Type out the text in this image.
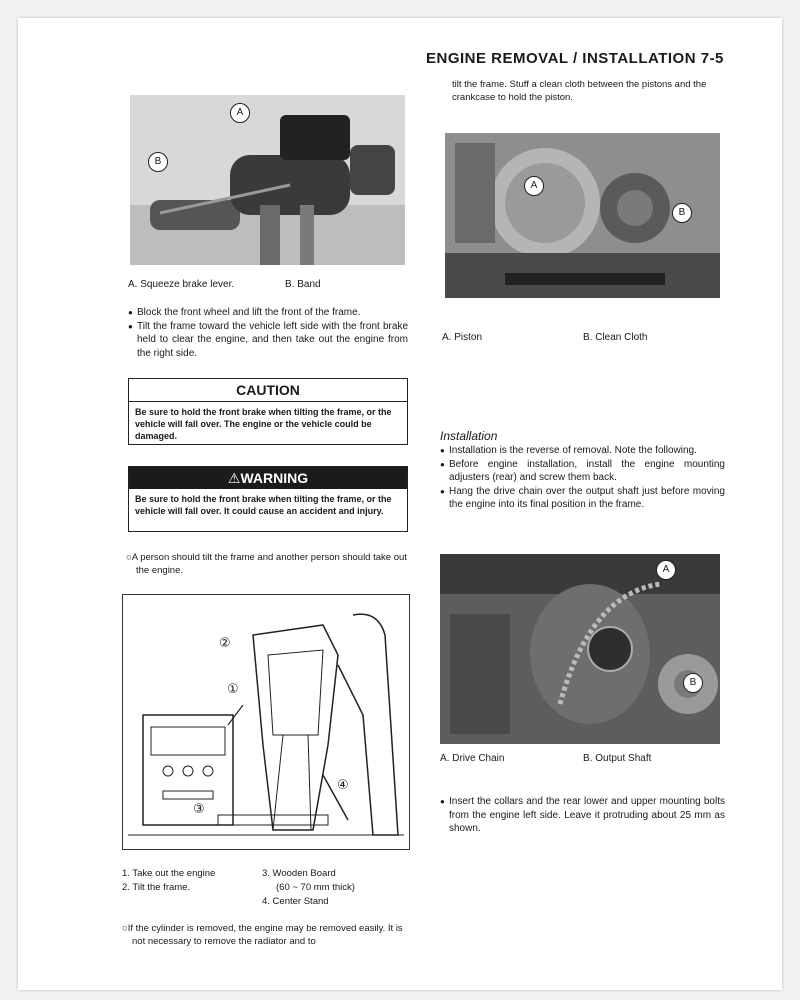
ENGINE REMOVAL / INSTALLATION 7-5
A
B
A. Squeeze brake lever.	B. Band
● Block the front wheel and lift the front of the frame.
● Tilt the frame toward the vehicle left side with the front brake held to clear the engine, and then take out the engine from the right side.
CAUTION
Be sure to hold the front brake when tilting the frame, or the vehicle will fall over. The engine or the vehicle could be damaged.
⚠WARNING
Be sure to hold the front brake when tilting the frame, or the vehicle will fall over. It could cause an accident and injury.
○A person should tilt the frame and another person should take out the engine.
②
①
③
④
1. Take out the engine
2. Tilt the frame.
3. Wooden Board
(60 ~ 70 mm thick)
4. Center Stand
○If the cylinder is removed, the engine may be removed easily. It is not necessary to remove the radiator and to
tilt the frame. Stuff a clean cloth between the pistons and the crankcase to hold the piston.
A
B
A. Piston	B. Clean Cloth
Installation
● Installation is the reverse of removal. Note the following.
● Before engine installation, install the engine mounting adjusters (rear) and screw them back.
● Hang the drive chain over the output shaft just before moving the engine into its final position in the frame.
A
B
A. Drive Chain	B. Output Shaft
● Insert the collars and the rear lower and upper mounting bolts from the engine left side. Leave it protruding about 25 mm as shown.
